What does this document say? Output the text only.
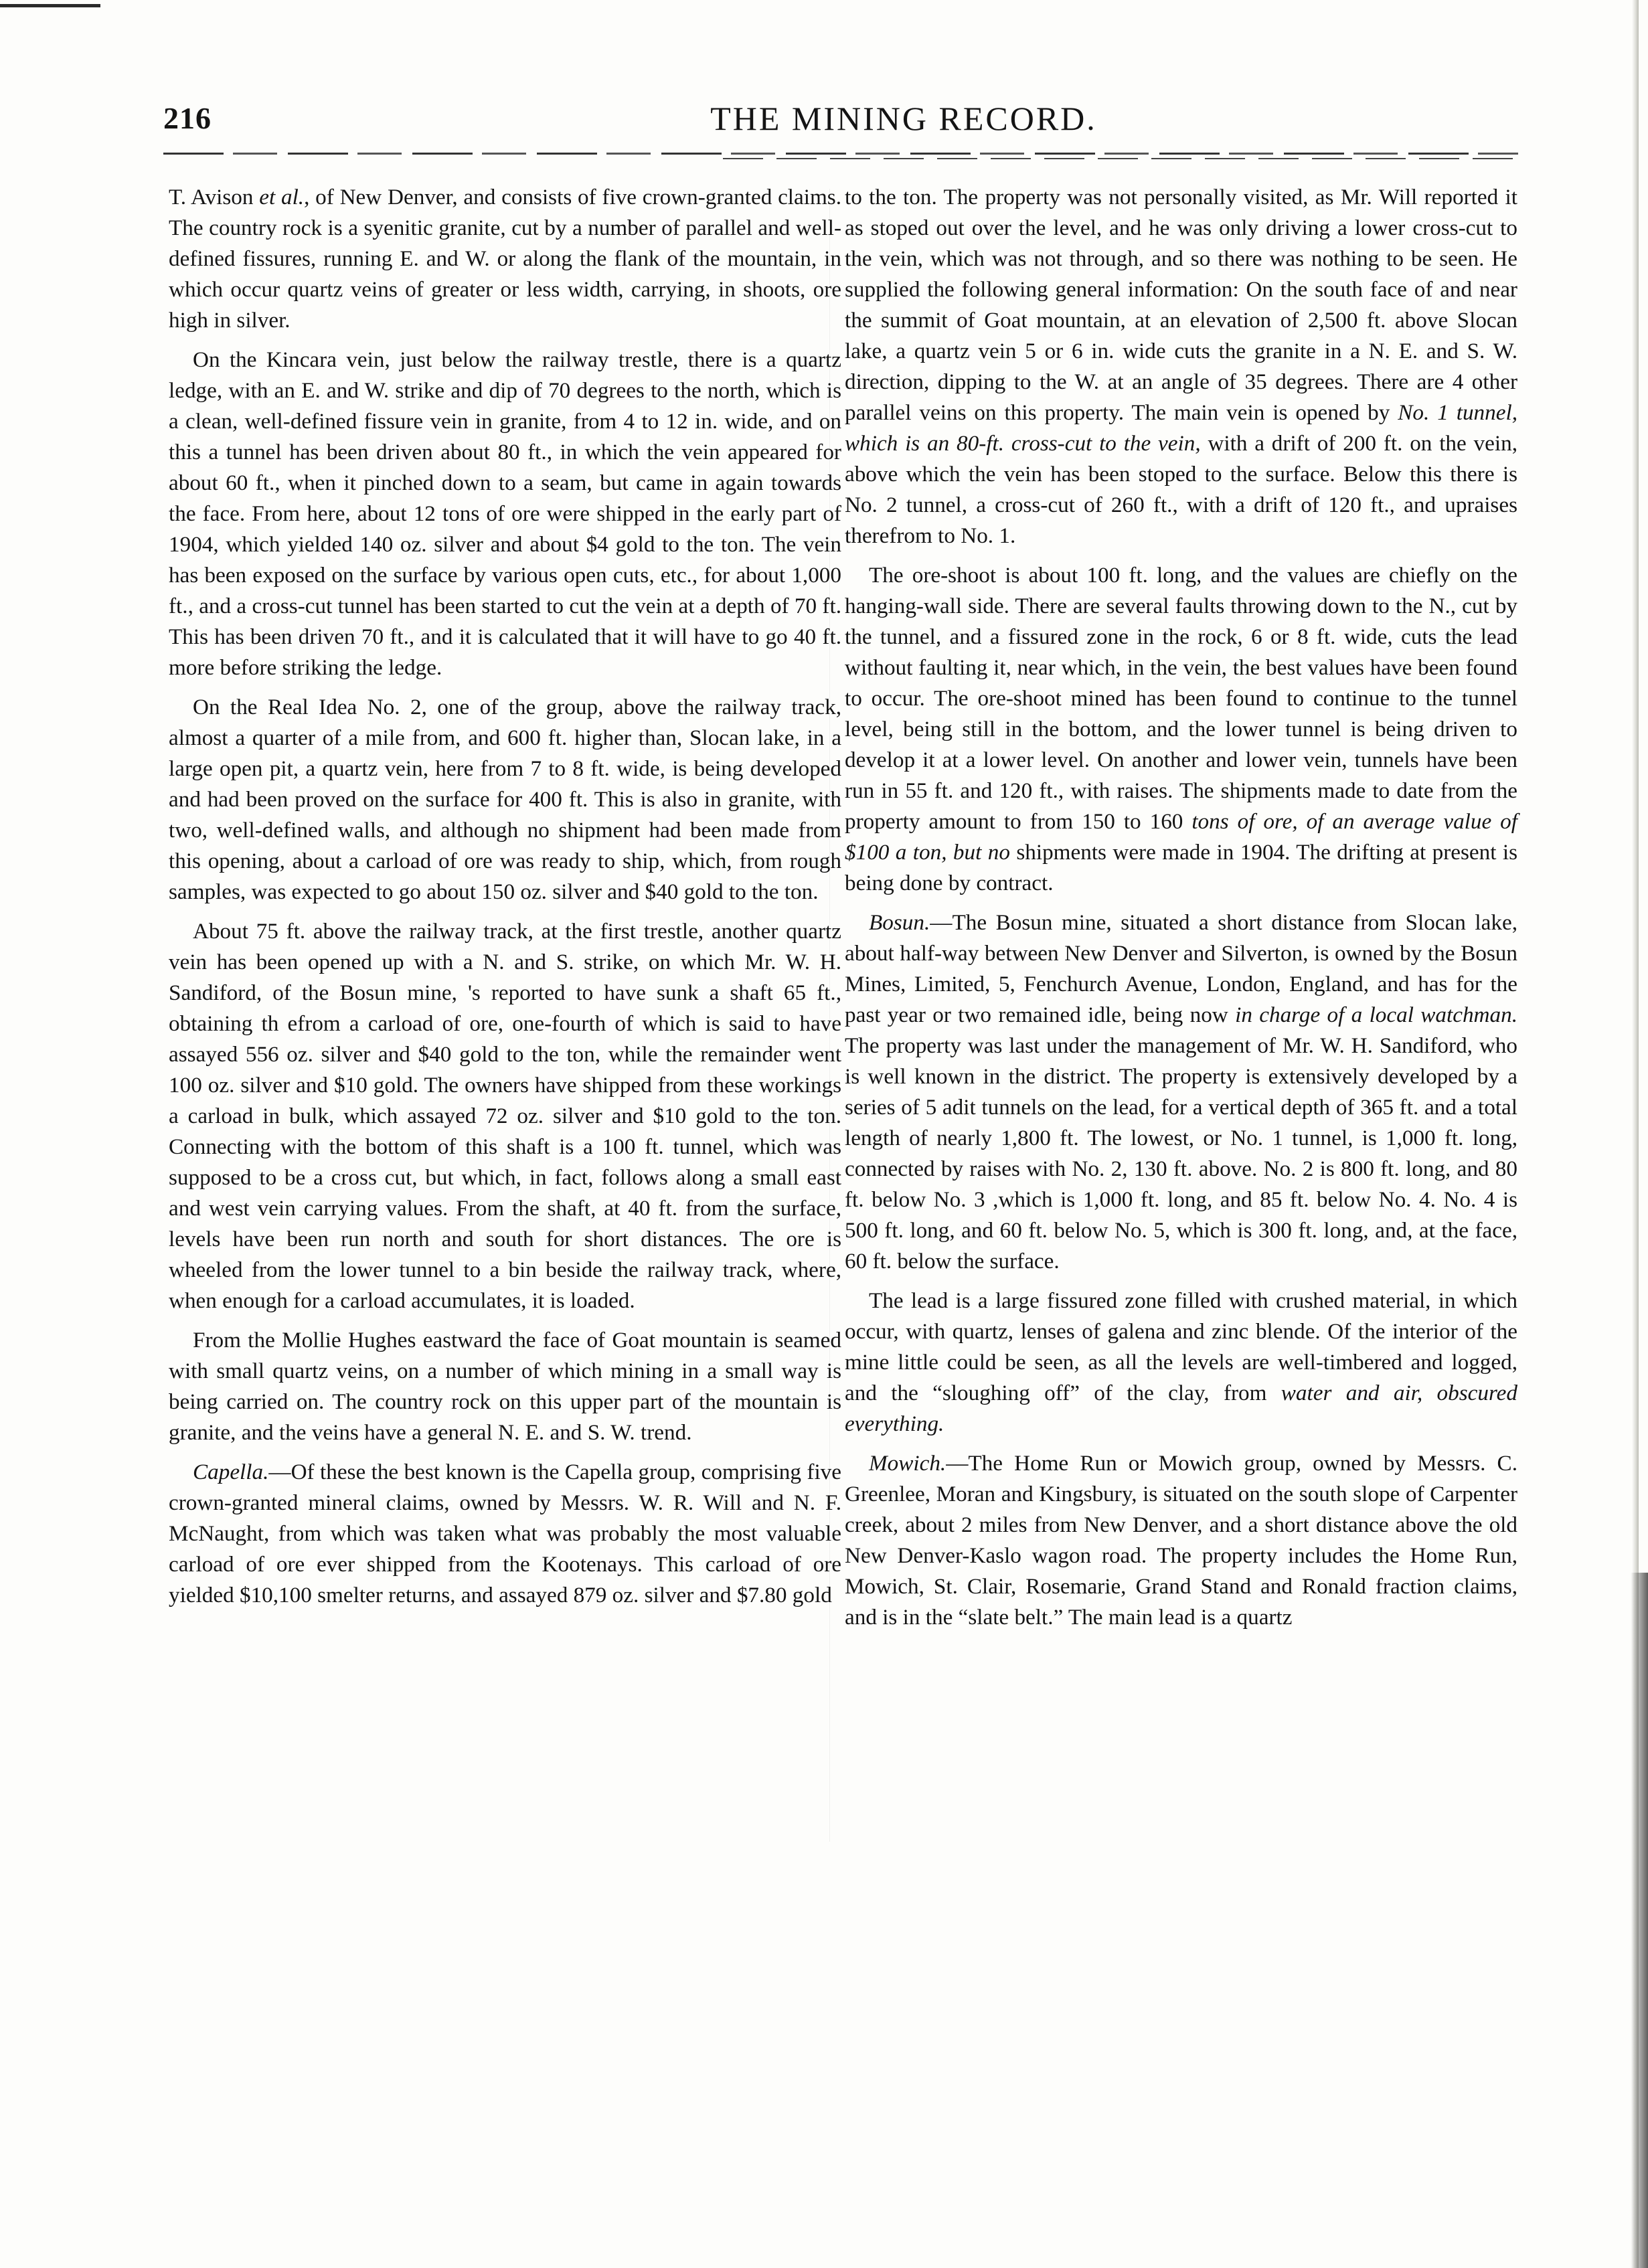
216	THE MINING RECORD.

T. Avison et al., of New Denver, and consists of five crown-granted claims. The country rock is a syenitic granite, cut by a number of parallel and well-defined fissures, running E. and W. or along the flank of the mountain, in which occur quartz veins of greater or less width, carrying, in shoots, ore high in silver.

On the Kincara vein, just below the railway trestle, there is a quartz ledge, with an E. and W. strike and dip of 70 degrees to the north, which is a clean, well-defined fissure vein in granite, from 4 to 12 in. wide, and on this a tunnel has been driven about 80 ft., in which the vein appeared for about 60 ft., when it pinched down to a seam, but came in again towards the face. From here, about 12 tons of ore were shipped in the early part of 1904, which yielded 140 oz. silver and about $4 gold to the ton. The vein has been exposed on the surface by various open cuts, etc., for about 1,000 ft., and a cross-cut tunnel has been started to cut the vein at a depth of 70 ft. This has been driven 70 ft., and it is calculated that it will have to go 40 ft. more before striking the ledge.

On the Real Idea No. 2, one of the group, above the railway track, almost a quarter of a mile from, and 600 ft. higher than, Slocan lake, in a large open pit, a quartz vein, here from 7 to 8 ft. wide, is being developed and had been proved on the surface for 400 ft. This is also in granite, with two, well-defined walls, and although no shipment had been made from this opening, about a carload of ore was ready to ship, which, from rough samples, was expected to go about 150 oz. silver and $40 gold to the ton.

About 75 ft. above the railway track, at the first trestle, another quartz vein has been opened up with a N. and S. strike, on which Mr. W. H. Sandiford, of the Bosun mine, 's reported to have sunk a shaft 65 ft., obtaining th efrom a carload of ore, one-fourth of which is said to have assayed 556 oz. silver and $40 gold to the ton, while the remainder went 100 oz. silver and $10 gold. The owners have shipped from these workings a carload in bulk, which assayed 72 oz. silver and $10 gold to the ton. Connecting with the bottom of this shaft is a 100 ft. tunnel, which was supposed to be a cross cut, but which, in fact, follows along a small east and west vein carrying values. From the shaft, at 40 ft. from the surface, levels have been run north and south for short distances. The ore is wheeled from the lower tunnel to a bin beside the railway track, where, when enough for a carload accumulates, it is loaded.

From the Mollie Hughes eastward the face of Goat mountain is seamed with small quartz veins, on a number of which mining in a small way is being carried on. The country rock on this upper part of the mountain is granite, and the veins have a general N. E. and S. W. trend.

Capella.—Of these the best known is the Capella group, comprising five crown-granted mineral claims, owned by Messrs. W. R. Will and N. F. McNaught, from which was taken what was probably the most valuable carload of ore ever shipped from the Kootenays. This carload of ore yielded $10,100 smelter returns, and assayed 879 oz. silver and $7.80 gold

to the ton. The property was not personally visited, as Mr. Will reported it as stoped out over the level, and he was only driving a lower cross-cut to the vein, which was not through, and so there was nothing to be seen. He supplied the following general information: On the south face of and near the summit of Goat mountain, at an elevation of 2,500 ft. above Slocan lake, a quartz vein 5 or 6 in. wide cuts the granite in a N. E. and S. W. direction, dipping to the W. at an angle of 35 degrees. There are 4 other parallel veins on this property. The main vein is opened by No. 1 tunnel, which is an 80-ft. cross-cut to the vein, with a drift of 200 ft. on the vein, above which the vein has been stoped to the surface. Below this there is No. 2 tunnel, a cross-cut of 260 ft., with a drift of 120 ft., and upraises therefrom to No. 1.

The ore-shoot is about 100 ft. long, and the values are chiefly on the hanging-wall side. There are several faults throwing down to the N., cut by the tunnel, and a fissured zone in the rock, 6 or 8 ft. wide, cuts the lead without faulting it, near which, in the vein, the best values have been found to occur. The ore-shoot mined has been found to continue to the tunnel level, being still in the bottom, and the lower tunnel is being driven to develop it at a lower level. On another and lower vein, tunnels have been run in 55 ft. and 120 ft., with raises. The shipments made to date from the property amount to from 150 to 160 tons of ore, of an average value of $100 a ton, but no shipments were made in 1904. The drifting at present is being done by contract.

Bosun.—The Bosun mine, situated a short distance from Slocan lake, about half-way between New Denver and Silverton, is owned by the Bosun Mines, Limited, 5, Fenchurch Avenue, London, England, and has for the past year or two remained idle, being now in charge of a local watchman. The property was last under the management of Mr. W. H. Sandiford, who is well known in the district. The property is extensively developed by a series of 5 adit tunnels on the lead, for a vertical depth of 365 ft. and a total length of nearly 1,800 ft. The lowest, or No. 1 tunnel, is 1,000 ft. long, connected by raises with No. 2, 130 ft. above. No. 2 is 800 ft. long, and 80 ft. below No. 3 ,which is 1,000 ft. long, and 85 ft. below No. 4. No. 4 is 500 ft. long, and 60 ft. below No. 5, which is 300 ft. long, and, at the face, 60 ft. below the surface.

The lead is a large fissured zone filled with crushed material, in which occur, with quartz, lenses of galena and zinc blende. Of the interior of the mine little could be seen, as all the levels are well-timbered and logged, and the “sloughing off” of the clay, from water and air, obscured everything.

Mowich.—The Home Run or Mowich group, owned by Messrs. C. Greenlee, Moran and Kingsbury, is situated on the south slope of Carpenter creek, about 2 miles from New Denver, and a short distance above the old New Denver-Kaslo wagon road. The property includes the Home Run, Mowich, St. Clair, Rosemarie, Grand Stand and Ronald fraction claims, and is in the “slate belt.” The main lead is a quartz
